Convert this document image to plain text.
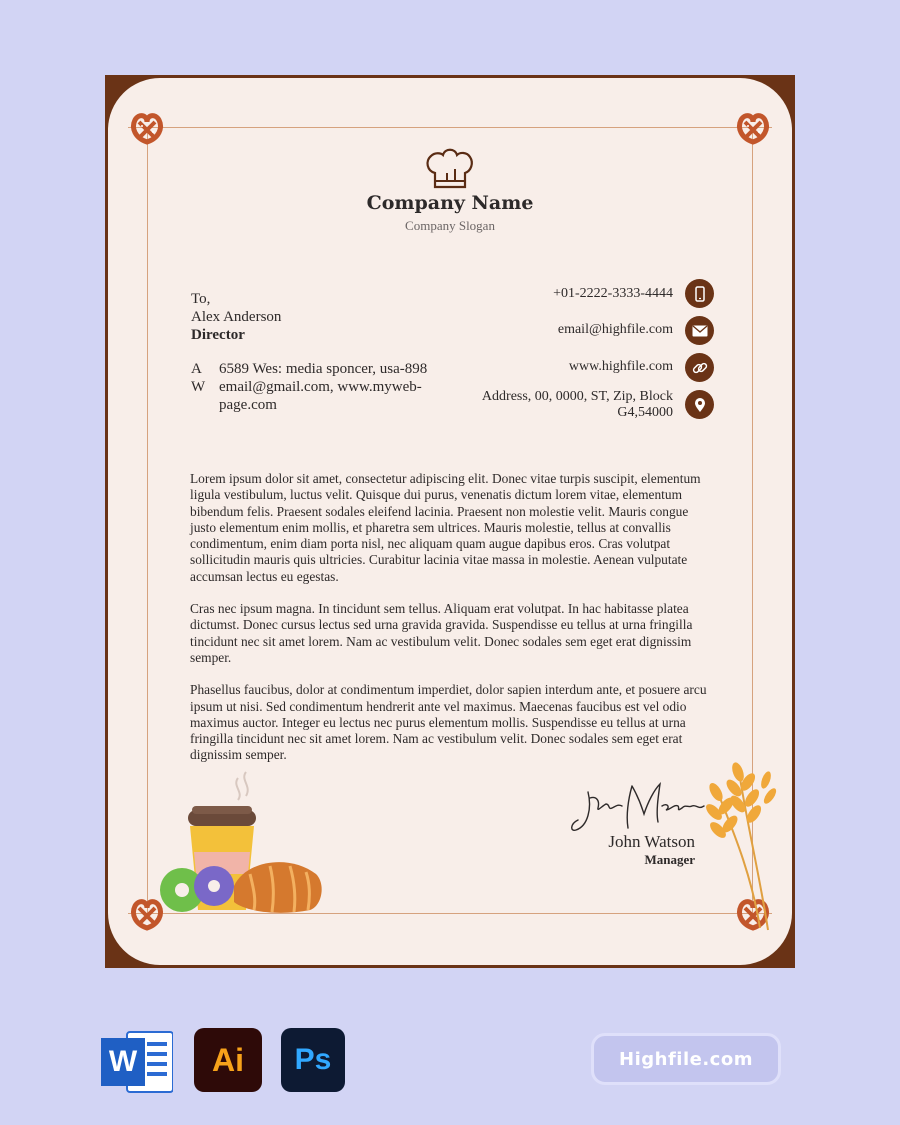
Company Name
Company Slogan
To,
Alex Anderson
Director
A	6589 Wes: media sponcer, usa-898
W email@gmail.com, www.myweb-page.com
+01-2222-3333-4444
email@highfile.com
www.highfile.com
Address, 00, 0000, ST, Zip, Block G4,54000

Lorem ipsum dolor sit amet, consectetur adipiscing elit. Donec vitae turpis suscipit, elementum ligula vestibulum, luctus velit. Quisque dui purus, venenatis dictum lorem vitae, elementum bibendum felis. Praesent sodales eleifend lacinia. Praesent non molestie velit. Mauris congue justo elementum enim mollis, et pharetra sem ultrices. Mauris molestie, tellus at convallis condimentum, enim diam porta nisl, nec aliquam quam augue dapibus eros. Cras volutpat sollicitudin mauris quis ultricies. Curabitur lacinia vitae massa in molestie. Aenean vulputate accumsan lectus eu egestas.

Cras nec ipsum magna. In tincidunt sem tellus. Aliquam erat volutpat. In hac habitasse platea dictumst. Donec cursus lectus sed urna gravida gravida. Suspendisse eu tellus at urna fringilla tincidunt nec sit amet lorem. Nam ac vestibulum velit. Donec sodales sem eget erat dignissim semper.

Phasellus faucibus, dolor at condimentum imperdiet, dolor sapien interdum ante, et posuere arcu ipsum ut nisi. Sed condimentum hendrerit ante vel maximus. Maecenas faucibus est vel odio maximus auctor. Integer eu lectus nec purus elementum mollis. Suspendisse eu tellus at urna fringilla tincidunt nec sit amet lorem. Nam ac vestibulum velit. Donec sodales sem eget erat dignissim semper.

John Watson
Manager
W	Ai	Ps	Highfile.com
